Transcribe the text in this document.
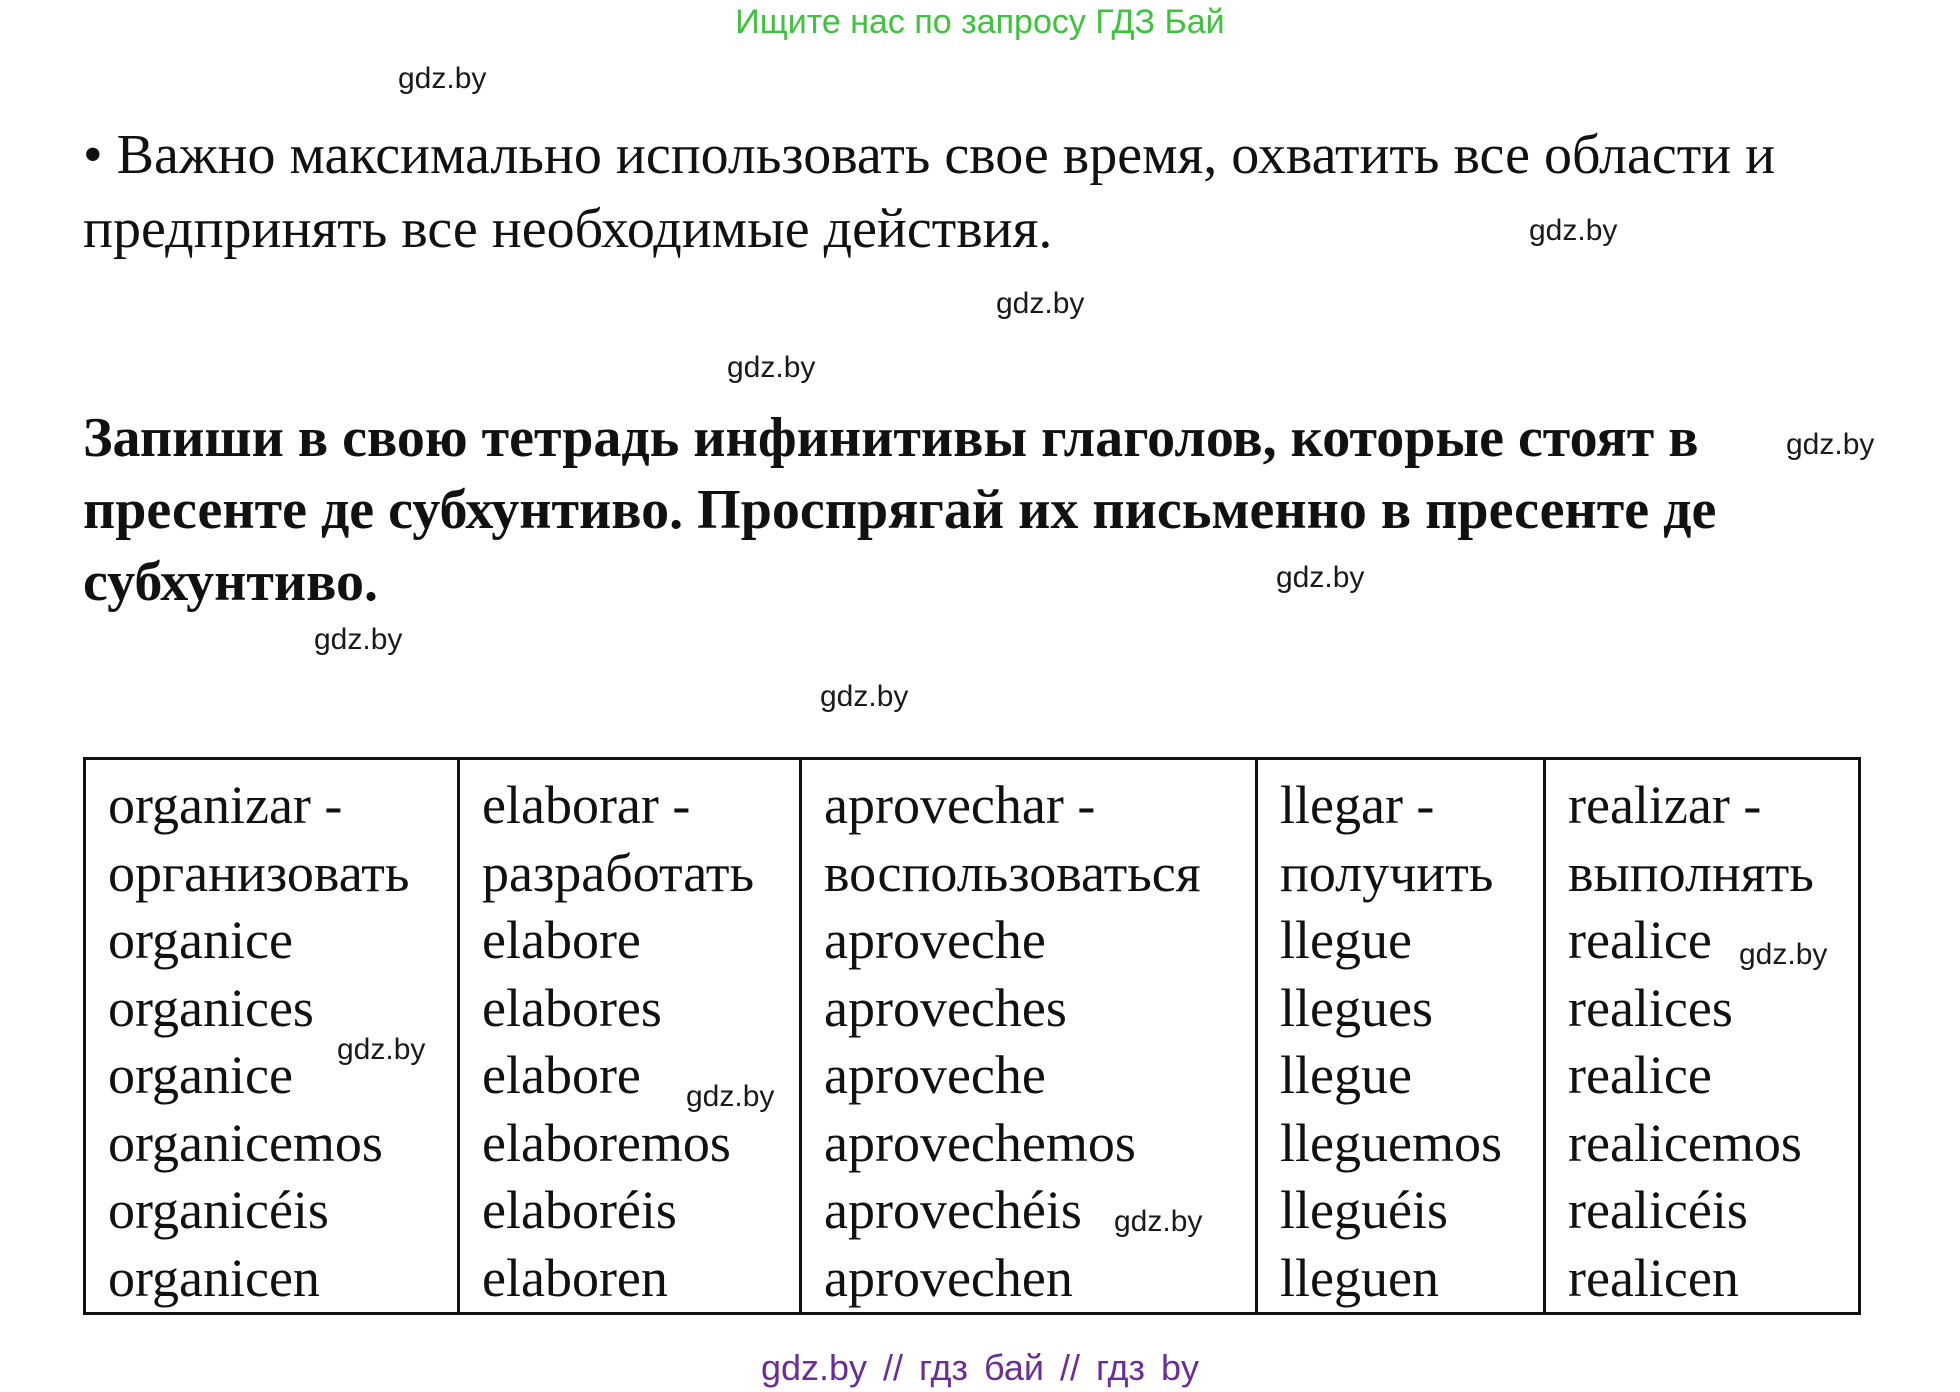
Ищите нас по запросу ГДЗ Бай
gdz.by
gdz.by
gdz.by
gdz.by
gdz.by
gdz.by
gdz.by
gdz.by
• Важно максимально использовать свое время, охватить все области и предпринять все необходимые действия.
Запиши в свою тетрадь инфинитивы глаголов, которые стоят в пресенте де субхунтиво. Проспрягай их письменно в пресенте де субхунтиво.
organizar -
организовать
organice
organices
organice
organicemos
organicéis
organicen

elaborar -
разработать
elabore
elabores
elabore
elaboremos
elaboréis
elaboren

aprovechar -
воспользоваться
aproveche
aproveches
aproveche
aprovechemos
aprovechéis
aprovechen

llegar -
получить
llegue
llegues
llegue
lleguemos
lleguéis
lleguen

realizar -
выполнять
realice
realices
realice
realicemos
realicéis
realicen
gdz.by
gdz.by
gdz.by
gdz.by
gdz.by // гдз бай // гдз by
